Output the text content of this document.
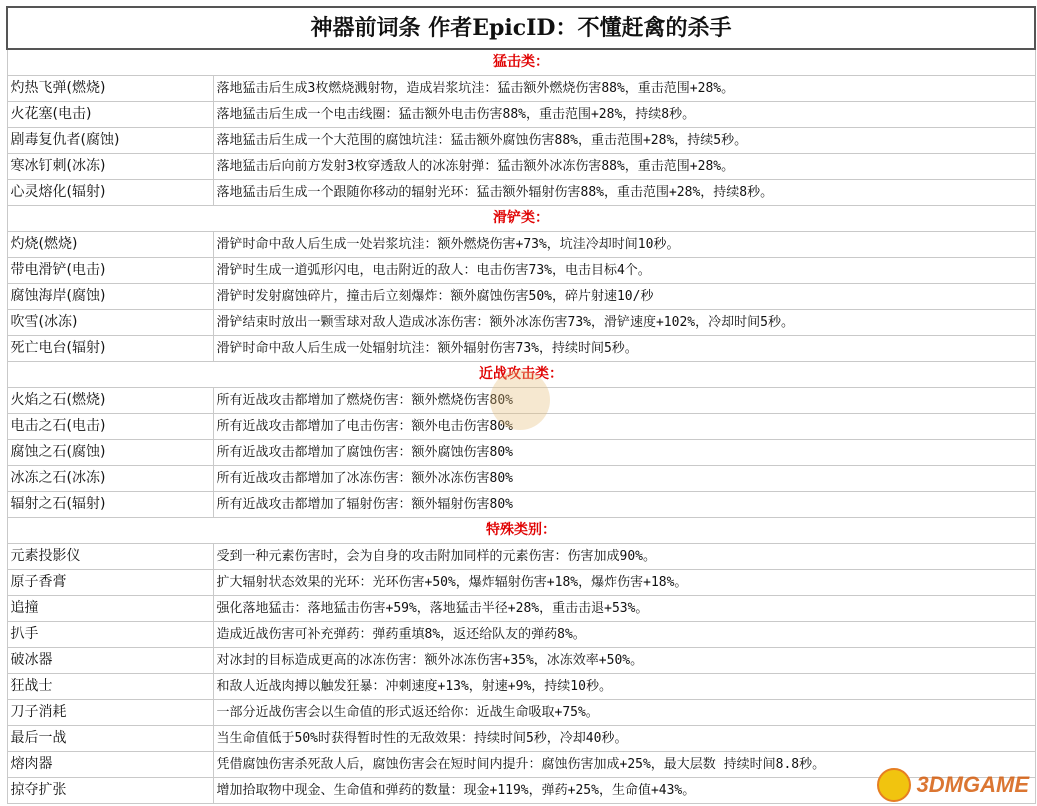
神器前词条 作者EpicID：不懂赶禽的杀手	
猛击类：	
灼热飞弹(燃烧)	落地猛击后生成3枚燃烧溅射物，造成岩浆坑洼：猛击额外燃烧伤害88%，重击范围+28%。
火花塞(电击)	落地猛击后生成一个电击线圈：猛击额外电击伤害88%，重击范围+28%，持续8秒。
剧毒复仇者(腐蚀)	落地猛击后生成一个大范围的腐蚀坑洼：猛击额外腐蚀伤害88%，重击范围+28%，持续5秒。
寒冰钉刺(冰冻)	落地猛击后向前方发射3枚穿透敌人的冰冻射弹：猛击额外冰冻伤害88%，重击范围+28%。
心灵熔化(辐射)	落地猛击后生成一个跟随你移动的辐射光环：猛击额外辐射伤害88%，重击范围+28%，持续8秒。
滑铲类：	
灼烧(燃烧)	滑铲时命中敌人后生成一处岩浆坑洼：额外燃烧伤害+73%，坑洼冷却时间10秒。
带电滑铲(电击)	滑铲时生成一道弧形闪电，电击附近的敌人：电击伤害73%，电击目标4个。
腐蚀海岸(腐蚀)	滑铲时发射腐蚀碎片，撞击后立刻爆炸：额外腐蚀伤害50%，碎片射速10/秒
吹雪(冰冻)	滑铲结束时放出一颗雪球对敌人造成冰冻伤害：额外冰冻伤害73%，滑铲速度+102%，冷却时间5秒。
死亡电台(辐射)	滑铲时命中敌人后生成一处辐射坑洼：额外辐射伤害73%，持续时间5秒。
近战攻击类：	
火焰之石(燃烧)	所有近战攻击都增加了燃烧伤害：额外燃烧伤害80%
电击之石(电击)	所有近战攻击都增加了电击伤害：额外电击伤害80%
腐蚀之石(腐蚀)	所有近战攻击都增加了腐蚀伤害：额外腐蚀伤害80%
冰冻之石(冰冻)	所有近战攻击都增加了冰冻伤害：额外冰冻伤害80%
辐射之石(辐射)	所有近战攻击都增加了辐射伤害：额外辐射伤害80%
特殊类别：	
元素投影仪	受到一种元素伤害时，会为自身的攻击附加同样的元素伤害：伤害加成90%。
原子香膏	扩大辐射状态效果的光环：光环伤害+50%，爆炸辐射伤害+18%，爆炸伤害+18%。
追撞	强化落地猛击：落地猛击伤害+59%，落地猛击半径+28%，重击击退+53%。
扒手	造成近战伤害可补充弹药：弹药重填8%，返还给队友的弹药8%。
破冰器	对冰封的目标造成更高的冰冻伤害：额外冰冻伤害+35%，冰冻效率+50%。
狂战士	和敌人近战肉搏以触发狂暴：冲刺速度+13%，射速+9%，持续10秒。
刀子消耗	一部分近战伤害会以生命值的形式返还给你：近战生命吸取+75%。
最后一战	当生命值低于50%时获得暂时性的无敌效果：持续时间5秒，冷却40秒。
熔肉器	凭借腐蚀伤害杀死敌人后，腐蚀伤害会在短时间内提升：腐蚀伤害加成+25%，最大层数 持续时间8.8秒。
掠夺扩张	增加拾取物中现金、生命值和弹药的数量：现金+119%，弹药+25%，生命值+43%。	3DMGAME
